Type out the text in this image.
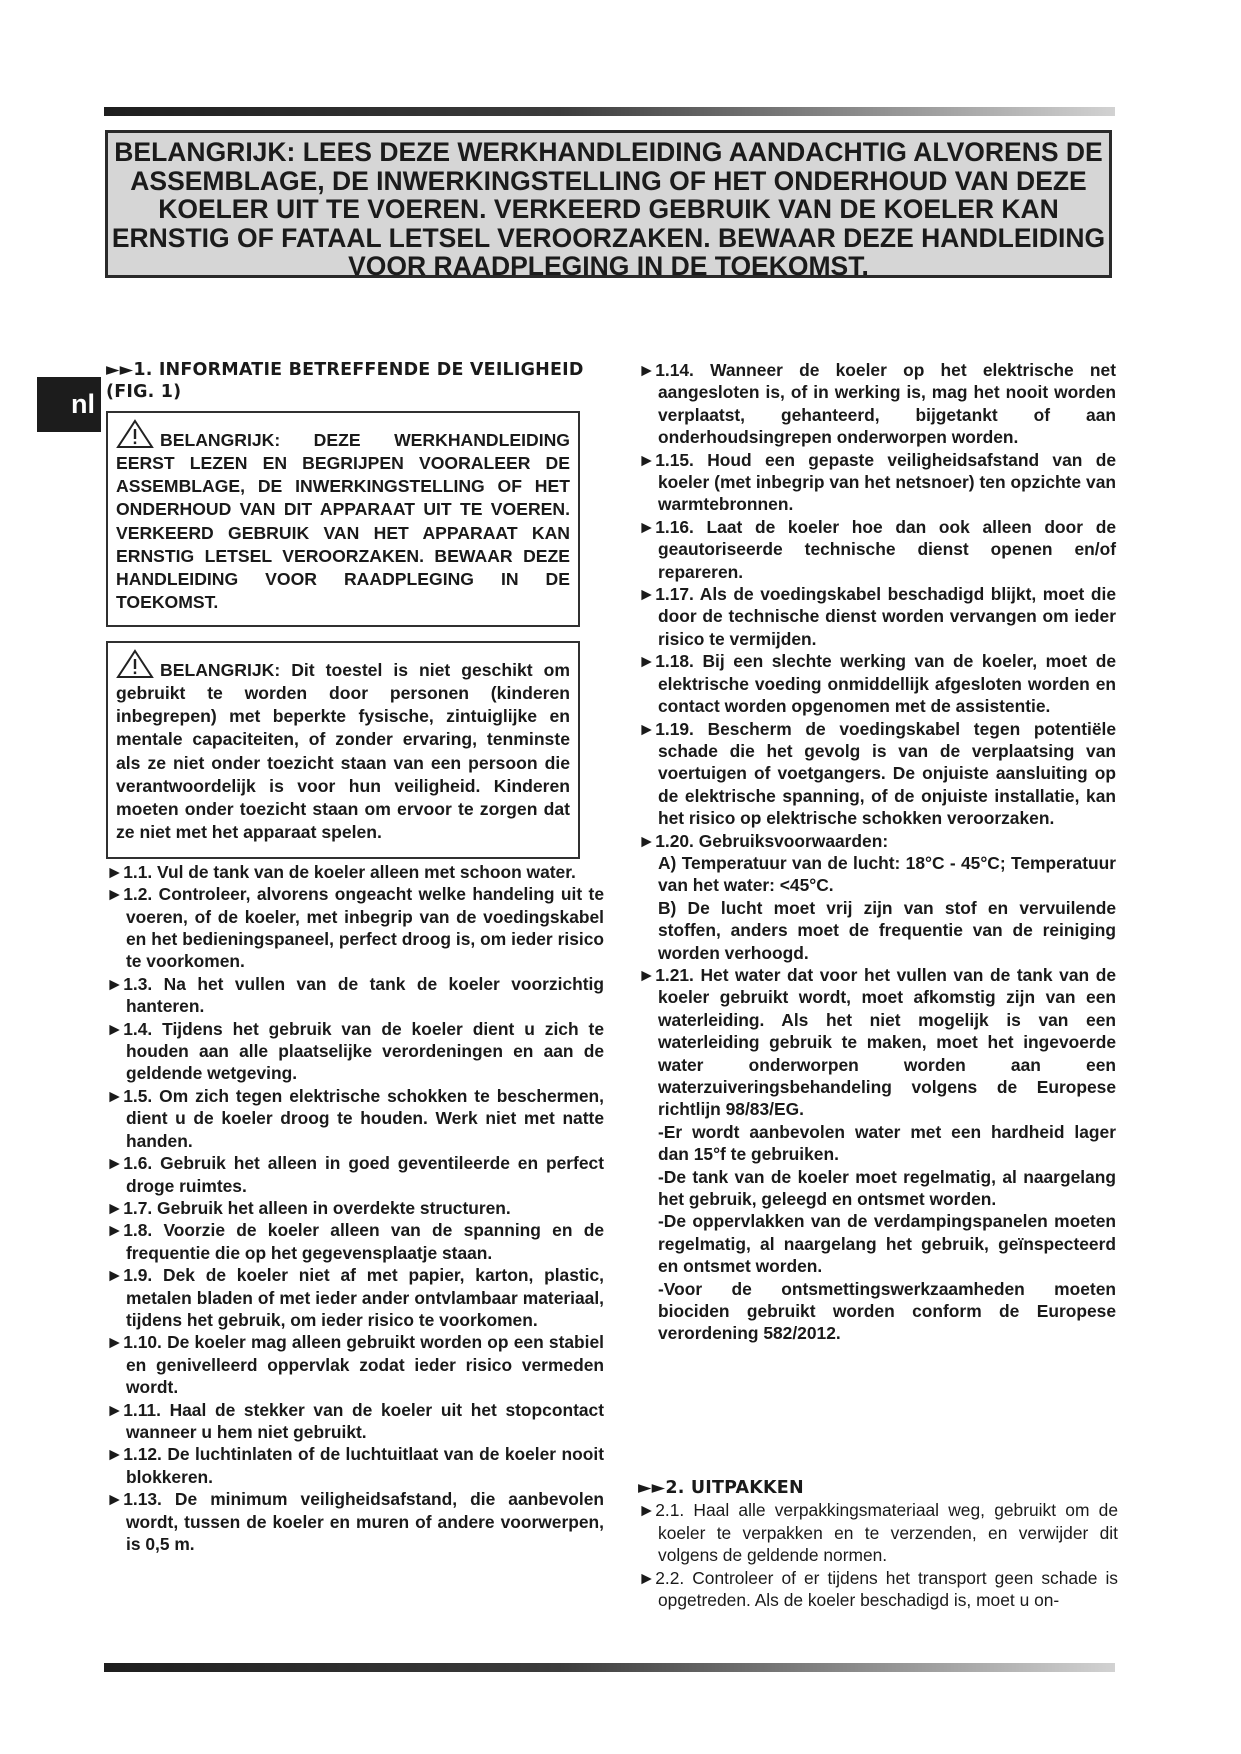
BELANGRIJK: LEES DEZE WERKHANDLEIDING AANDACHTIG ALVORENS DE ASSEMBLAGE, DE INWERKINGSTELLING OF HET ONDERHOUD VAN DEZE KOELER UIT TE VOEREN. VERKEERD GEBRUIK VAN DE KOELER KAN ERNSTIG OF FATAAL LETSEL VEROORZAKEN. BEWAAR DEZE HANDLEIDING VOOR RAADPLEGING IN DE TOEKOMST.
nl

►►1. INFORMATIE BETREFFENDE DE VEILIGHEID
(FIG. 1)

BELANGRIJK: DEZE WERKHANDLEIDING EERST LEZEN EN BEGRIJPEN VOORALEER DE ASSEMBLAGE, DE INWERKINGSTELLING OF HET ONDERHOUD VAN DIT APPARAAT UIT TE VOEREN. VERKEERD GEBRUIK VAN HET APPARAAT KAN ERNSTIG LETSEL VEROORZAKEN. BEWAAR DEZE HANDLEIDING VOOR RAADPLEGING IN DE TOEKOMST.
BELANGRIJK: Dit toestel is niet geschikt om gebruikt te worden door personen (kinderen inbegrepen) met beperkte fysische, zintuiglijke en mentale capaciteiten, of zonder ervaring, tenminste als ze niet onder toezicht staan van een persoon die verantwoordelijk is voor hun veiligheid. Kinderen moeten onder toezicht staan om ervoor te zorgen dat ze niet met het apparaat spelen.

►1.1. Vul de tank van de koeler alleen met schoon water.

►1.2. Controleer, alvorens ongeacht welke handeling uit te voeren, of de koeler, met inbegrip van de voedingskabel en het bedieningspaneel, perfect droog is, om ieder risico te voorkomen.

►1.3. Na het vullen van de tank de koeler voorzichtig hanteren.

►1.4. Tijdens het gebruik van de koeler dient u zich te houden aan alle plaatselijke verordeningen en aan de geldende wetgeving.

►1.5. Om zich tegen elektrische schokken te beschermen, dient u de koeler droog te houden. Werk niet met natte handen.

►1.6. Gebruik het alleen in goed geventileerde en perfect droge ruimtes.

►1.7. Gebruik het alleen in overdekte structuren.

►1.8. Voorzie de koeler alleen van de spanning en de frequentie die op het gegevensplaatje staan.

►1.9. Dek de koeler niet af met papier, karton, plastic, metalen bladen of met ieder ander ontvlambaar materiaal, tijdens het gebruik, om ieder risico te voorkomen.

►1.10. De koeler mag alleen gebruikt worden op een stabiel en genivelleerd oppervlak zodat ieder risico vermeden wordt.

►1.11. Haal de stekker van de koeler uit het stopcontact wanneer u hem niet gebruikt.

►1.12. De luchtinlaten of de luchtuitlaat van de koeler nooit blokkeren.

►1.13. De minimum veiligheidsafstand, die aanbevolen wordt, tussen de koeler en muren of andere voorwerpen, is 0,5 m.

►1.14. Wanneer de koeler op het elektrische net aangesloten is, of in werking is, mag het nooit worden verplaatst, gehanteerd, bijgetankt of aan onderhoudsingrepen onderworpen worden.

►1.15. Houd een gepaste veiligheidsafstand van de koeler (met inbegrip van het netsnoer) ten opzichte van warmtebronnen.

►1.16. Laat de koeler hoe dan ook alleen door de geautoriseerde technische dienst openen en/of repareren.

►1.17. Als de voedingskabel beschadigd blijkt, moet die door de technische dienst worden vervangen om ieder risico te vermijden.

►1.18. Bij een slechte werking van de koeler, moet de elektrische voeding onmiddellijk afgesloten worden en contact worden opgenomen met de assistentie.

►1.19. Bescherm de voedingskabel tegen potentiële schade die het gevolg is van de verplaatsing van voertuigen of voetgangers. De onjuiste aansluiting op de elektrische spanning, of de onjuiste installatie, kan het risico op elektrische schokken veroorzaken.

►1.20. Gebruiksvoorwaarden:

A) Temperatuur van de lucht: 18°C - 45°C; Temperatuur van het water: <45°C.

B) De lucht moet vrij zijn van stof en vervuilende stoffen, anders moet de frequentie van de reiniging worden verhoogd.

►1.21. Het water dat voor het vullen van de tank van de koeler gebruikt wordt, moet afkomstig zijn van een waterleiding. Als het niet mogelijk is van een waterleiding gebruik te maken, moet het ingevoerde water onderworpen worden aan een waterzuiveringsbehandeling volgens de Europese richtlijn 98/83/EG.

-Er wordt aanbevolen water met een hardheid lager dan 15°f te gebruiken.

-De tank van de koeler moet regelmatig, al naargelang het gebruik, geleegd en ontsmet worden.

-De oppervlakken van de verdampingspanelen moeten regelmatig, al naargelang het gebruik, geïnspecteerd en ontsmet worden.

-Voor de ontsmettingswerkzaamheden moeten biociden gebruikt worden conform de Europese verordening 582/2012.

►►2. UITPAKKEN

►2.1. Haal alle verpakkingsmateriaal weg, gebruikt om de koeler te verpakken en te verzenden, en verwijder dit volgens de geldende normen.

►2.2. Controleer of er tijdens het transport geen schade is opgetreden. Als de koeler beschadigd is, moet u on-
